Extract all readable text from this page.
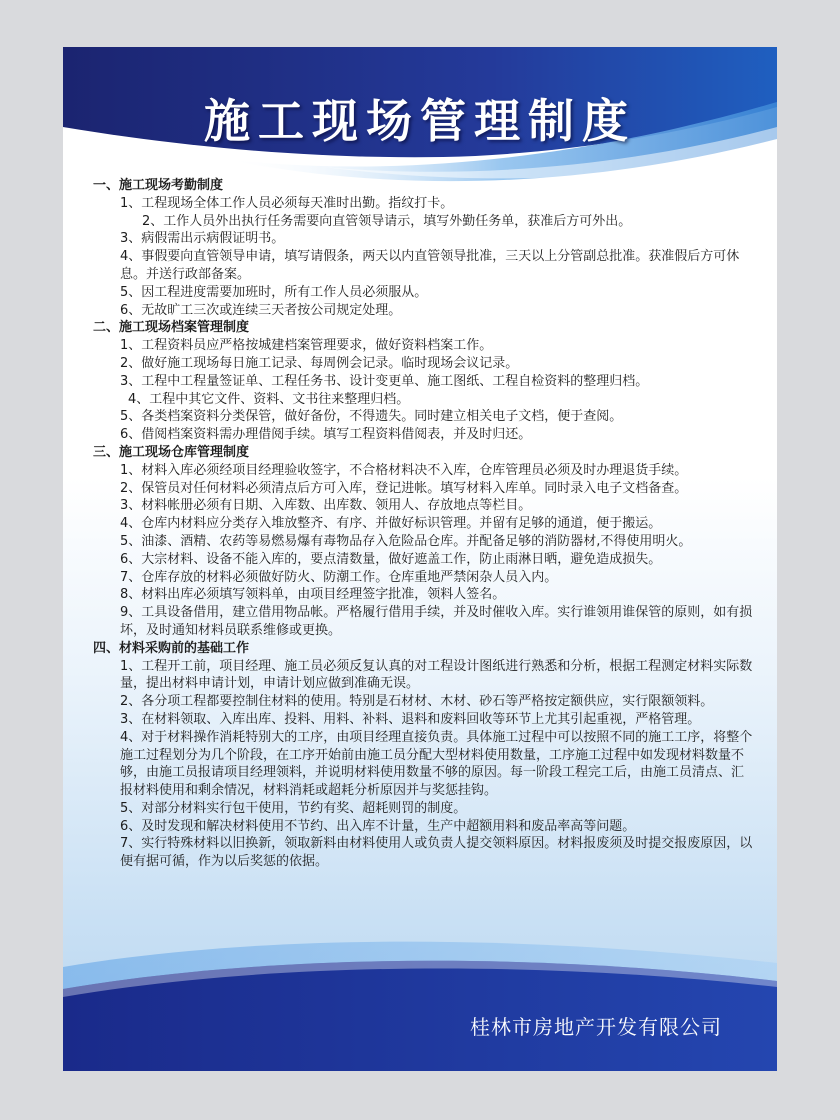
施工现场管理制度

一、施工现场考勤制度

1、工程现场全体工作人员必须每天准时出勤。指纹打卡。

2、工作人员外出执行任务需要向直管领导请示，填写外勤任务单，获准后方可外出。

3、病假需出示病假证明书。

4、事假要向直管领导申请，填写请假条，两天以内直管领导批准，三天以上分管副总批准。获准假后方可休息。并送行政部备案。

5、因工程进度需要加班时，所有工作人员必须服从。

6、无故旷工三次或连续三天者按公司规定处理。

二、施工现场档案管理制度

1、工程资料员应严格按城建档案管理要求，做好资料档案工作。

2、做好施工现场每日施工记录、每周例会记录。临时现场会议记录。

3、工程中工程量签证单、工程任务书、设计变更单、施工图纸、工程自检资料的整理归档。

4、工程中其它文件、资料、文书往来整理归档。

5、各类档案资料分类保管，做好备份，不得遗失。同时建立相关电子文档，便于查阅。

6、借阅档案资料需办理借阅手续。填写工程资料借阅表，并及时归还。

三、施工现场仓库管理制度

1、材料入库必须经项目经理验收签字，不合格材料决不入库，仓库管理员必须及时办理退货手续。

2、保管员对任何材料必须清点后方可入库，登记进帐。填写材料入库单。同时录入电子文档备查。

3、材料帐册必须有日期、入库数、出库数、领用人、存放地点等栏目。

4、仓库内材料应分类存入堆放整齐、有序、并做好标识管理。并留有足够的通道，便于搬运。

5、油漆、酒精、农药等易燃易爆有毒物品存入危险品仓库。并配备足够的消防器材,不得使用明火。

6、大宗材料、设备不能入库的，要点清数量，做好遮盖工作，防止雨淋日晒，避免造成损失。

7、仓库存放的材料必须做好防火、防潮工作。仓库重地严禁闲杂人员入内。

8、材料出库必须填写领料单，由项目经理签字批准，领料人签名。

9、工具设备借用，建立借用物品帐。严格履行借用手续，并及时催收入库。实行谁领用谁保管的原则，如有损坏，及时通知材料员联系维修或更换。

四、材料采购前的基础工作

1、工程开工前，项目经理、施工员必须反复认真的对工程设计图纸进行熟悉和分析，根据工程测定材料实际数量，提出材料申请计划，申请计划应做到准确无误。

2、各分项工程都要控制住材料的使用。特别是石材材、木材、砂石等严格按定额供应，实行限额领料。

3、在材料领取、入库出库、投料、用料、补料、退料和废料回收等环节上尤其引起重视，严格管理。

4、对于材料操作消耗特别大的工序，由项目经理直接负责。具体施工过程中可以按照不同的施工工序，将整个施工过程划分为几个阶段，在工序开始前由施工员分配大型材料使用数量，工序施工过程中如发现材料数量不够，由施工员报请项目经理领料，并说明材料使用数量不够的原因。每一阶段工程完工后，由施工员清点、汇报材料使用和剩余情况，材料消耗或超耗分析原因并与奖惩挂钩。

5、对部分材料实行包干使用，节约有奖、超耗则罚的制度。

6、及时发现和解决材料使用不节约、出入库不计量，生产中超额用料和废品率高等问题。

7、实行特殊材料以旧换新，领取新料由材料使用人或负责人提交领料原因。材料报废须及时提交报废原因，以便有据可循，作为以后奖惩的依据。

桂林市房地产开发有限公司
